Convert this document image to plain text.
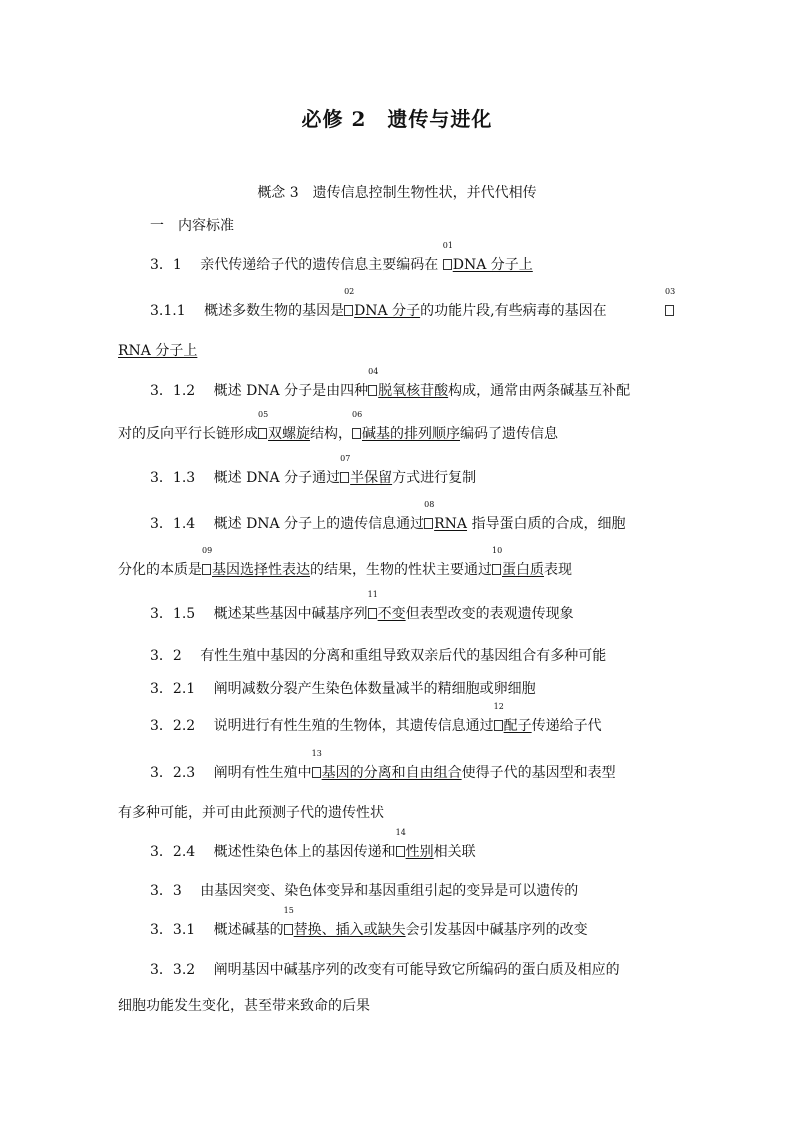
必修 2　遗传与进化
概念 3　遗传信息控制生物性状，并代代相传
一　内容标准
3．1 亲代传递给子代的遗传信息主要编码在
01
DNA 分子上
3.1.1 概述多数生物的基因是
02
DNA 分子的功能片段,有些病毒的基因在
03
RNA 分子上
3．1.2 概述 DNA 分子是由四种
04
脱氧核苷酸构成，通常由两条碱基互补配
对的反向平行长链形成
05
双螺旋结构，
06
碱基的排列顺序编码了遗传信息
3．1.3 概述 DNA 分子通过
07
半保留方式进行复制
3．1.4 概述 DNA 分子上的遗传信息通过
08
RNA 指导蛋白质的合成，细胞
分化的本质是
09
基因选择性表达的结果，生物的性状主要通过
10
蛋白质表现
3．1.5 概述某些基因中碱基序列
11
不变但表型改变的表观遗传现象
3．2 有性生殖中基因的分离和重组导致双亲后代的基因组合有多种可能
3．2.1 阐明减数分裂产生染色体数量减半的精细胞或卵细胞
3．2.2 说明进行有性生殖的生物体，其遗传信息通过
12
配子传递给子代
3．2.3 阐明有性生殖中
13
基因的分离和自由组合使得子代的基因型和表型
有多种可能，并可由此预测子代的遗传性状
3．2.4 概述性染色体上的基因传递和
14
性别相关联
3．3 由基因突变、染色体变异和基因重组引起的变异是可以遗传的
3．3.1 概述碱基的
15
替换、插入或缺失会引发基因中碱基序列的改变
3．3.2 阐明基因中碱基序列的改变有可能导致它所编码的蛋白质及相应的
细胞功能发生变化，甚至带来致命的后果
